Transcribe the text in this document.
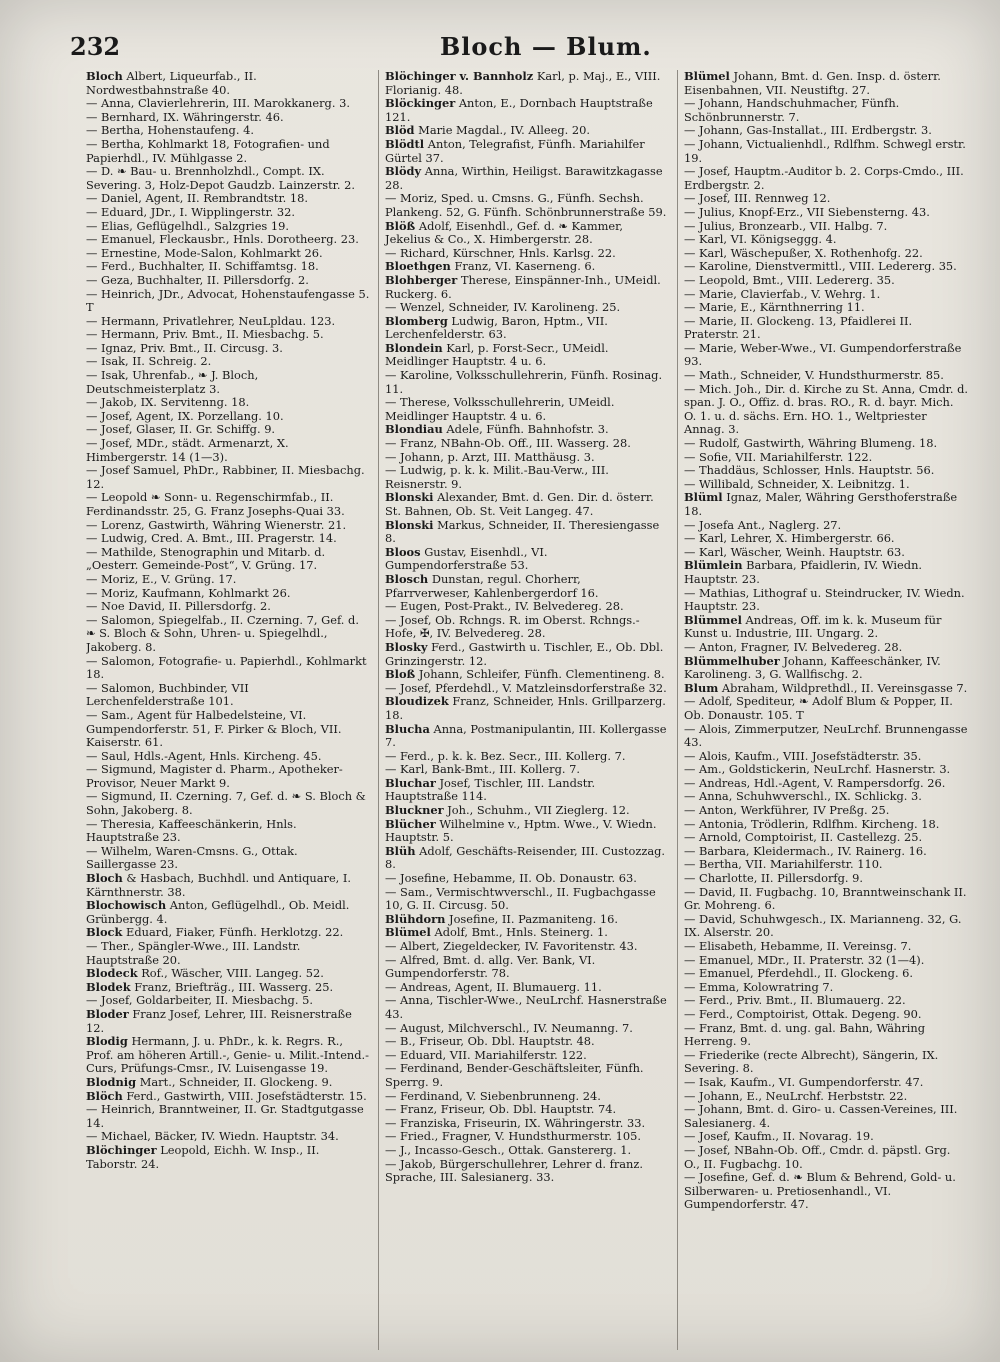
232	Bloch — Blum.

Bloch Albert, Liqueurfab., II. Nordwestbahnstraße 40.

— Anna, Clavierlehrerin, III. Marokkanerg. 3.

— Bernhard, IX. Währingerstr. 46.

— Bertha, Hohenstaufeng. 4.

— Bertha, Kohlmarkt 18, Fotografien- und Papierhdl., IV. Mühlgasse 2.

— D. ❧ Bau- u. Brennholzhdl., Compt. IX. Severing. 3, Holz-Depot Gaudzb. Lainzerstr. 2.

— Daniel, Agent, II. Rembrandtstr. 18.

— Eduard, JDr., I. Wipplingerstr. 32.

— Elias, Geflügelhdl., Salzgries 19.

— Emanuel, Fleckausbr., Hnls. Dorotheerg. 23.

— Ernestine, Mode-Salon, Kohlmarkt 26.

— Ferd., Buchhalter, II. Schiffamtsg. 18.

— Geza, Buchhalter, II. Pillersdorfg. 2.

— Heinrich, JDr., Advocat, Hohenstaufengasse 5. T

— Hermann, Privatlehrer, NeuLpldau. 123.

— Hermann, Priv. Bmt., II. Miesbachg. 5.

— Ignaz, Priv. Bmt., II. Circusg. 3.

— Isak, II. Schreig. 2.

— Isak, Uhrenfab., ❧ J. Bloch, Deutschmeisterplatz 3.

— Jakob, IX. Servitenng. 18.

— Josef, Agent, IX. Porzellang. 10.

— Josef, Glaser, II. Gr. Schiffg. 9.

— Josef, MDr., städt. Armenarzt, X. Himbergerstr. 14 (1—3).

— Josef Samuel, PhDr., Rabbiner, II. Miesbachg. 12.

— Leopold ❧ Sonn- u. Regenschirmfab., II. Ferdinandsstr. 25, G. Franz Josephs-Quai 33.

— Lorenz, Gastwirth, Währing Wienerstr. 21.

— Ludwig, Cred. A. Bmt., III. Pragerstr. 14.

— Mathilde, Stenographin und Mitarb. d. „Oesterr. Gemeinde-Post“, V. Grüng. 17.

— Moriz, E., V. Grüng. 17.

— Moriz, Kaufmann, Kohlmarkt 26.

— Noe David, II. Pillersdorfg. 2.

— Salomon, Spiegelfab., II. Czerning. 7, Gef. d. ❧ S. Bloch & Sohn, Uhren- u. Spiegelhdl., Jakoberg. 8.

— Salomon, Fotografie- u. Papierhdl., Kohlmarkt 18.

— Salomon, Buchbinder, VII Lerchenfelderstraße 101.

— Sam., Agent für Halbedelsteine, VI. Gumpendorferstr. 51, F. Pirker & Bloch, VII. Kaiserstr. 61.

— Saul, Hdls.-Agent, Hnls. Kircheng. 45.

— Sigmund, Magister d. Pharm., Apotheker-Provisor, Neuer Markt 9.

— Sigmund, II. Czerning. 7, Gef. d. ❧ S. Bloch & Sohn, Jakoberg. 8.

— Theresia, Kaffeeschänkerin, Hnls. Hauptstraße 23.

— Wilhelm, Waren-Cmsns. G., Ottak. Saillergasse 23.

Bloch & Hasbach, Buchhdl. und Antiquare, I. Kärnthnerstr. 38.

Blochowisch Anton, Geflügelhdl., Ob. Meidl. Grünbergg. 4.

Block Eduard, Fiaker, Fünfh. Herklotzg. 22.

— Ther., Spängler-Wwe., III. Landstr. Hauptstraße 20.

Blodeck Rof., Wäscher, VIII. Langeg. 52.

Blodek Franz, Briefträg., III. Wasserg. 25.

— Josef, Goldarbeiter, II. Miesbachg. 5.

Bloder Franz Josef, Lehrer, III. Reisnerstraße 12.

Blodig Hermann, J. u. PhDr., k. k. Regrs. R., Prof. am höheren Artill.-, Genie- u. Milit.-Intend.-Curs, Prüfungs-Cmsr., IV. Luisengasse 19.

Blodnig Mart., Schneider, II. Glockeng. 9.

Blöch Ferd., Gastwirth, VIII. Josefstädterstr. 15.

— Heinrich, Branntweiner, II. Gr. Stadtgutgasse 14.

— Michael, Bäcker, IV. Wiedn. Hauptstr. 34.

Blöchinger Leopold, Eichh. W. Insp., II. Taborstr. 24.

Blöchinger v. Bannholz Karl, p. Maj., E., VIII. Florianig. 48.

Blöckinger Anton, E., Dornbach Hauptstraße 121.

Blöd Marie Magdal., IV. Alleeg. 20.

Blödtl Anton, Telegrafist, Fünfh. Mariahilfer Gürtel 37.

Blödy Anna, Wirthin, Heiligst. Barawitzkagasse 28.

— Moriz, Sped. u. Cmsns. G., Fünfh. Sechsh. Plankeng. 52, G. Fünfh. Schönbrunnerstraße 59.

Blöß Adolf, Eisenhdl., Gef. d. ❧ Kammer, Jekelius & Co., X. Himbergerstr. 28.

— Richard, Kürschner, Hnls. Karlsg. 22.

Bloethgen Franz, VI. Kaserneng. 6.

Blohberger Therese, Einspänner-Inh., UMeidl. Ruckerg. 6.

— Wenzel, Schneider, IV. Karolineng. 25.

Blomberg Ludwig, Baron, Hptm., VII. Lerchenfelderstr. 63.

Blondein Karl, p. Forst-Secr., UMeidl. Meidlinger Hauptstr. 4 u. 6.

— Karoline, Volksschullehrerin, Fünfh. Rosinag. 11.

— Therese, Volksschullehrerin, UMeidl. Meidlinger Hauptstr. 4 u. 6.

Blondiau Adele, Fünfh. Bahnhofstr. 3.

— Franz, NBahn-Ob. Off., III. Wasserg. 28.

— Johann, p. Arzt, III. Matthäusg. 3.

— Ludwig, p. k. k. Milit.-Bau-Verw., III. Reisnerstr. 9.

Blonski Alexander, Bmt. d. Gen. Dir. d. österr. St. Bahnen, Ob. St. Veit Langeg. 47.

Blonski Markus, Schneider, II. Theresiengasse 8.

Bloos Gustav, Eisenhdl., VI. Gumpendorferstraße 53.

Blosch Dunstan, regul. Chorherr, Pfarrverweser, Kahlenbergerdorf 16.

— Eugen, Post-Prakt., IV. Belvedereg. 28.

— Josef, Ob. Rchngs. R. im Oberst. Rchngs.-Hofe, ✠, IV. Belvedereg. 28.

Blosky Ferd., Gastwirth u. Tischler, E., Ob. Dbl. Grinzingerstr. 12.

Bloß Johann, Schleifer, Fünfh. Clementineng. 8.

— Josef, Pferdehdl., V. Matzleinsdorferstraße 32.

Bloudizek Franz, Schneider, Hnls. Grillparzerg. 18.

Blucha Anna, Postmanipulantin, III. Kollergasse 7.

— Ferd., p. k. k. Bez. Secr., III. Kollerg. 7.

— Karl, Bank-Bmt., III. Kollerg. 7.

Bluchar Josef, Tischler, III. Landstr. Hauptstraße 114.

Bluckner Joh., Schuhm., VII Zieglerg. 12.

Blücher Wilhelmine v., Hptm. Wwe., V. Wiedn. Hauptstr. 5.

Blüh Adolf, Geschäfts-Reisender, III. Custozzag. 8.

— Josefine, Hebamme, II. Ob. Donaustr. 63.

— Sam., Vermischtwverschl., II. Fugbachgasse 10, G. II. Circusg. 50.

Blühdorn Josefine, II. Pazmaniteng. 16.

Blümel Adolf, Bmt., Hnls. Steinerg. 1.

— Albert, Ziegeldecker, IV. Favoritenstr. 43.

— Alfred, Bmt. d. allg. Ver. Bank, VI. Gumpendorferstr. 78.

— Andreas, Agent, II. Blumauerg. 11.

— Anna, Tischler-Wwe., NeuLrchf. Hasnerstraße 43.

— August, Milchverschl., IV. Neumanng. 7.

— B., Friseur, Ob. Dbl. Hauptstr. 48.

— Eduard, VII. Mariahilferstr. 122.

— Ferdinand, Bender-Geschäftsleiter, Fünfh. Sperrg. 9.

— Ferdinand, V. Siebenbrunneng. 24.

— Franz, Friseur, Ob. Dbl. Hauptstr. 74.

— Franziska, Friseurin, IX. Währingerstr. 33.

— Fried., Fragner, V. Hundsthurmerstr. 105.

— J., Incasso-Gesch., Ottak. Ganstererg. 1.

— Jakob, Bürgerschullehrer, Lehrer d. franz. Sprache, III. Salesianerg. 33.

Blümel Johann, Bmt. d. Gen. Insp. d. österr. Eisenbahnen, VII. Neustiftg. 27.

— Johann, Handschuhmacher, Fünfh. Schönbrunnerstr. 7.

— Johann, Gas-Installat., III. Erdbergstr. 3.

— Johann, Victualienhdl., Rdlfhm. Schwegl erstr. 19.

— Josef, Hauptm.-Auditor b. 2. Corps-Cmdo., III. Erdbergstr. 2.

— Josef, III. Rennweg 12.

— Julius, Knopf-Erz., VII Siebensterng. 43.

— Julius, Bronzearb., VII. Halbg. 7.

— Karl, VI. Königseggg. 4.

— Karl, Wäschepußer, X. Rothenhofg. 22.

— Karoline, Dienstvermittl., VIII. Ledererg. 35.

— Leopold, Bmt., VIII. Ledererg. 35.

— Marie, Clavierfab., V. Wehrg. 1.

— Marie, E., Kärnthnerring 11.

— Marie, II. Glockeng. 13, Pfaidlerei II. Praterstr. 21.

— Marie, Weber-Wwe., VI. Gumpendorferstraße 93.

— Math., Schneider, V. Hundsthurmerstr. 85.

— Mich. Joh., Dir. d. Kirche zu St. Anna, Cmdr. d. span. J. O., Offiz. d. bras. RO., R. d. bayr. Mich. O. 1. u. d. sächs. Ern. HO. 1., Weltpriester Annag. 3.

— Rudolf, Gastwirth, Währing Blumeng. 18.

— Sofie, VII. Mariahilferstr. 122.

— Thaddäus, Schlosser, Hnls. Hauptstr. 56.

— Willibald, Schneider, X. Leibnitzg. 1.

Blüml Ignaz, Maler, Währing Gersthoferstraße 18.

— Josefa Ant., Naglerg. 27.

— Karl, Lehrer, X. Himbergerstr. 66.

— Karl, Wäscher, Weinh. Hauptstr. 63.

Blümlein Barbara, Pfaidlerin, IV. Wiedn. Hauptstr. 23.

— Mathias, Lithograf u. Steindrucker, IV. Wiedn. Hauptstr. 23.

Blümmel Andreas, Off. im k. k. Museum für Kunst u. Industrie, III. Ungarg. 2.

— Anton, Fragner, IV. Belvedereg. 28.

Blümmelhuber Johann, Kaffeeschänker, IV. Karolineng. 3, G. Wallfischg. 2.

Blum Abraham, Wildprethdl., II. Vereinsgasse 7.

— Adolf, Spediteur, ❧ Adolf Blum & Popper, II. Ob. Donaustr. 105. T

— Alois, Zimmerputzer, NeuLrchf. Brunnengasse 43.

— Alois, Kaufm., VIII. Josefstädterstr. 35.

— Am., Goldstickerin, NeuLrchf. Hasnerstr. 3.

— Andreas, Hdl.-Agent, V. Rampersdorfg. 26.

— Anna, Schuhwverschl., IX. Schlickg. 3.

— Anton, Werkführer, IV Preßg. 25.

— Antonia, Trödlerin, Rdlfhm. Kircheng. 18.

— Arnold, Comptoirist, II. Castellezg. 25.

— Barbara, Kleidermach., IV. Rainerg. 16.

— Bertha, VII. Mariahilferstr. 110.

— Charlotte, II. Pillersdorfg. 9.

— David, II. Fugbachg. 10, Branntweinschank II. Gr. Mohreng. 6.

— David, Schuhwgesch., IX. Marianneng. 32, G. IX. Alserstr. 20.

— Elisabeth, Hebamme, II. Vereinsg. 7.

— Emanuel, MDr., II. Praterstr. 32 (1—4).

— Emanuel, Pferdehdl., II. Glockeng. 6.

— Emma, Kolowratring 7.

— Ferd., Priv. Bmt., II. Blumauerg. 22.

— Ferd., Comptoirist, Ottak. Degeng. 90.

— Franz, Bmt. d. ung. gal. Bahn, Währing Herreng. 9.

— Friederike (recte Albrecht), Sängerin, IX. Severing. 8.

— Isak, Kaufm., VI. Gumpendorferstr. 47.

— Johann, E., NeuLrchf. Herbststr. 22.

— Johann, Bmt. d. Giro- u. Cassen-Vereines, III. Salesianerg. 4.

— Josef, Kaufm., II. Novarag. 19.

— Josef, NBahn-Ob. Off., Cmdr. d. päpstl. Grg. O., II. Fugbachg. 10.

— Josefine, Gef. d. ❧ Blum & Behrend, Gold- u. Silberwaren- u. Pretiosenhandl., VI. Gumpendorferstr. 47.
